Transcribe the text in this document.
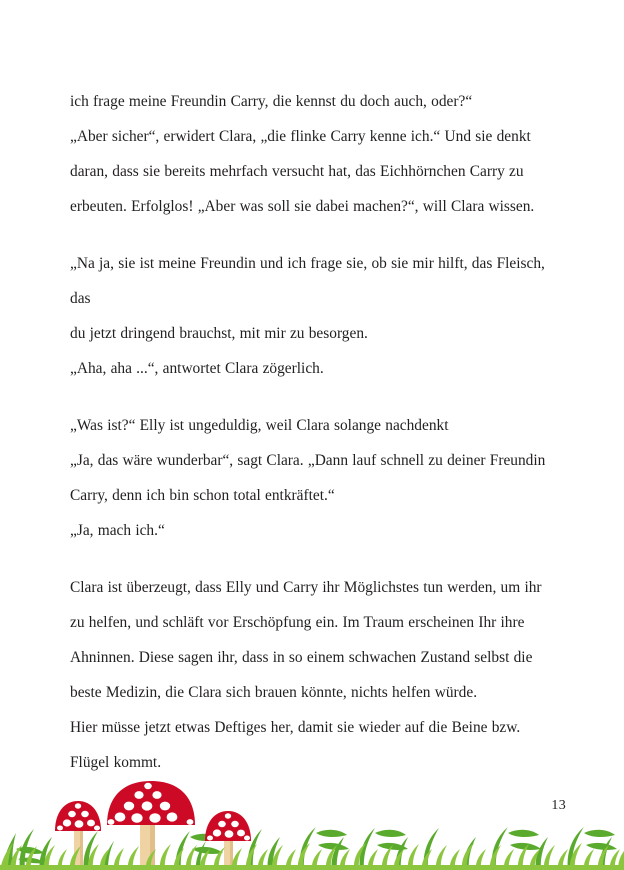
ich frage meine Freundin Carry, die kennst du doch auch, oder?“
„Aber sicher“, erwidert Clara, „die flinke Carry kenne ich.“ Und sie denkt
daran, dass sie bereits mehrfach versucht hat, das Eichhörnchen Carry zu
erbeuten. Erfolglos! „Aber was soll sie dabei machen?“, will Clara wissen.

„Na ja, sie ist meine Freundin und ich frage sie, ob sie mir hilft, das Fleisch, das
du jetzt dringend brauchst, mit mir zu besorgen.
„Aha, aha ...“, antwortet Clara zögerlich.

„Was ist?“ Elly ist ungeduldig, weil Clara solange nachdenkt
„Ja, das wäre wunderbar“, sagt Clara. „Dann lauf schnell zu deiner Freundin
Carry, denn ich bin schon total entkräftet.“
„Ja, mach ich.“

Clara ist überzeugt, dass Elly und Carry ihr Möglichstes tun werden, um ihr
zu helfen, und schläft vor Erschöpfung ein. Im Traum erscheinen Ihr ihre
Ahninnen. Diese sagen ihr, dass in so einem schwachen Zustand selbst die
beste Medizin, die Clara sich brauen könnte, nichts helfen würde.
Hier müsse jetzt etwas Deftiges her, damit sie wieder auf die Beine bzw.
Flügel kommt.

13
